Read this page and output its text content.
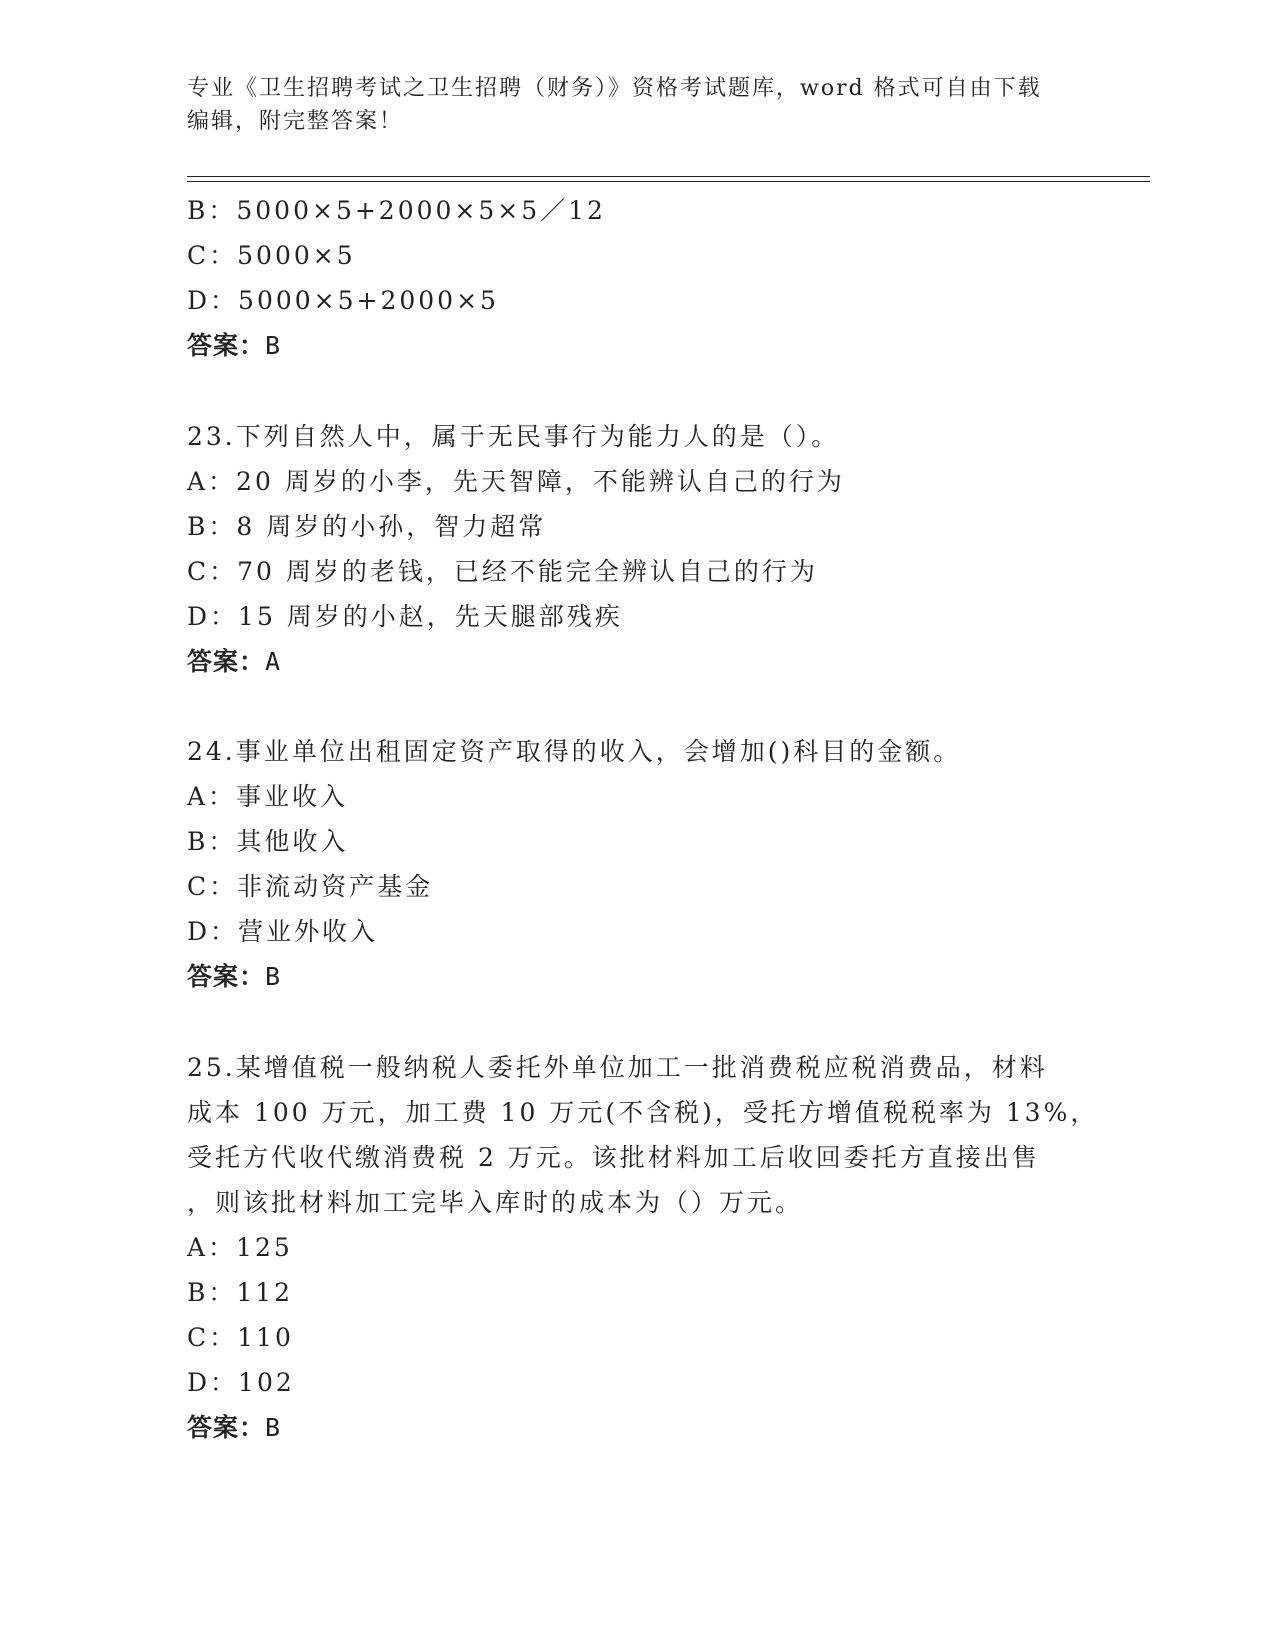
专业《卫生招聘考试之卫生招聘（财务）》资格考试题库，word 格式可自由下载
编辑，附完整答案！
B：5000×5+2000×5×5／12
C：5000×5
D：5000×5+2000×5
答案：B
23.下列自然人中，属于无民事行为能力人的是（）。
A：20 周岁的小李，先天智障，不能辨认自己的行为
B：8 周岁的小孙，智力超常
C：70 周岁的老钱，已经不能完全辨认自己的行为
D：15 周岁的小赵，先天腿部残疾
答案：A
24.事业单位出租固定资产取得的收入，会增加()科目的金额。
A：事业收入
B：其他收入
C：非流动资产基金
D：营业外收入
答案：B
25.某增值税一般纳税人委托外单位加工一批消费税应税消费品，材料
成本 100 万元，加工费 10 万元(不含税)，受托方增值税税率为 13%，
受托方代收代缴消费税 2 万元。该批材料加工后收回委托方直接出售
，则该批材料加工完毕入库时的成本为（）万元。
A：125
B：112
C：110
D：102
答案：B
